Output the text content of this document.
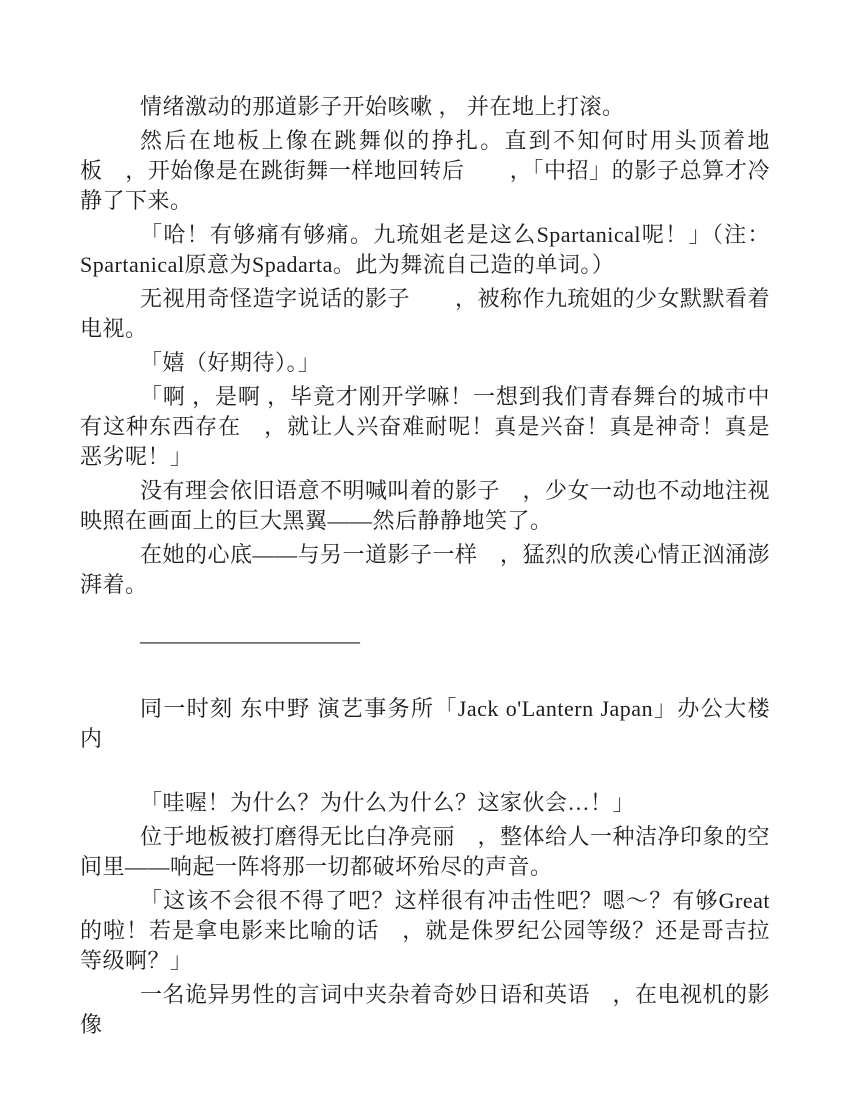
情绪激动的那道影子开始咳嗽 ， 并在地上打滚。

然后在地板上像在跳舞似的挣扎。直到不知何时用头顶着地板　，开始像是在跳街舞一样地回转后　　，「中招」的影子总算才冷静了下来。

「哈！有够痛有够痛。九琉姐老是这么Spartanical呢！」（注：Spartanical原意为Spadarta。此为舞流自己造的单词。）

无视用奇怪造字说话的影子　　，被称作九琉姐的少女默默看着电视。

「嬉（好期待）。」

「啊 ，是啊 ，毕竟才刚开学嘛！一想到我们青春舞台的城市中有这种东西存在　，就让人兴奋难耐呢！真是兴奋！真是神奇！真是恶劣呢！」

没有理会依旧语意不明喊叫着的影子　，少女一动也不动地注视映照在画面上的巨大黑翼——然后静静地笑了。

在她的心底——与另一道影子一样　，猛烈的欣羡心情正汹涌澎湃着。

——————————

同一时刻 东中野 演艺事务所「Jack o'Lantern Japan」办公大楼内

「哇喔！为什么？为什么为什么？这家伙会…！」

位于地板被打磨得无比白净亮丽　，整体给人一种洁净印象的空间里——响起一阵将那一切都破坏殆尽的声音。

「这该不会很不得了吧？这样很有冲击性吧？嗯～？有够Great的啦！若是拿电影来比喻的话　，就是侏罗纪公园等级？还是哥吉拉等级啊？」

一名诡异男性的言词中夹杂着奇妙日语和英语　，在电视机的影像
